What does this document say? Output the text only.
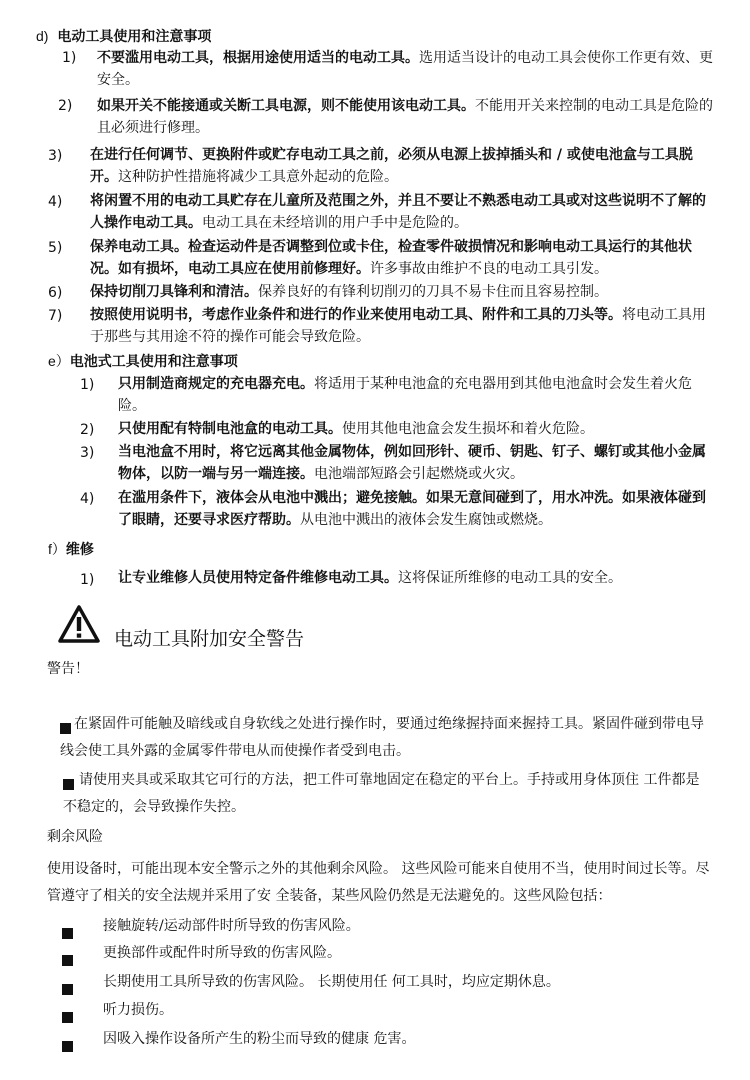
d) 电动工具使用和注意事项
1) 不要滥用电动工具，根据用途使用适当的电动工具。选用适当设计的电动工具会使你工作更有效、更安全。
2) 如果开关不能接通或关断工具电源，则不能使用该电动工具。不能用开关来控制的电动工具是危险的且必须进行修理。
3) 在进行任何调节、更换附件或贮存电动工具之前，必须从电源上拔掉插头和 / 或使电池盒与工具脱开。这种防护性措施将减少工具意外起动的危险。
4) 将闲置不用的电动工具贮存在儿童所及范围之外，并且不要让不熟悉电动工具或对这些说明不了解的人操作电动工具。电动工具在未经培训的用户手中是危险的。
5) 保养电动工具。检查运动件是否调整到位或卡住，检查零件破损情况和影响电动工具运行的其他状况。如有损坏，电动工具应在使用前修理好。许多事故由维护不良的电动工具引发。
6) 保持切削刀具锋利和清洁。保养良好的有锋利切削刃的刀具不易卡住而且容易控制。
7) 按照使用说明书，考虑作业条件和进行的作业来使用电动工具、附件和工具的刀头等。将电动工具用于那些与其用途不符的操作可能会导致危险。
e）电池式工具使用和注意事项
1) 只用制造商规定的充电器充电。将适用于某种电池盒的充电器用到其他电池盒时会发生着火危险。
2) 只使用配有特制电池盒的电动工具。使用其他电池盒会发生损坏和着火危险。
3) 当电池盒不用时，将它远离其他金属物体，例如回形针、硬币、钥匙、钉子、螺钉或其他小金属物体，以防一端与另一端连接。电池端部短路会引起燃烧或火灾。
4) 在滥用条件下，液体会从电池中溅出；避免接触。如果无意间碰到了，用水冲洗。如果液体碰到了眼睛，还要寻求医疗帮助。从电池中溅出的液体会发生腐蚀或燃烧。
f）维修
1) 让专业维修人员使用特定备件维修电动工具。这将保证所维修的电动工具的安全。
电动工具附加安全警告
警告！
在紧固件可能触及暗线或自身软线之处进行操作时，要通过绝缘握持面来握持工具。紧固件碰到带电导线会使工具外露的金属零件带电从而使操作者受到电击。
请使用夹具或采取其它可行的方法，把工件可靠地固定在稳定的平台上。手持或用身体顶住 工件都是不稳定的，会导致操作失控。
剩余风险
使用设备时，可能出现本安全警示之外的其他剩余风险。 这些风险可能来自使用不当，使用时间过长等。尽管遵守了相关的安全法规并采用了安 全装备，某些风险仍然是无法避免的。这些风险包括：
接触旋转/运动部件时所导致的伤害风险。
更换部件或配件时所导致的伤害风险。
长期使用工具所导致的伤害风险。 长期使用任 何工具时，均应定期休息。
听力损伤。
因吸入操作设备所产生的粉尘而导致的健康 危害。
